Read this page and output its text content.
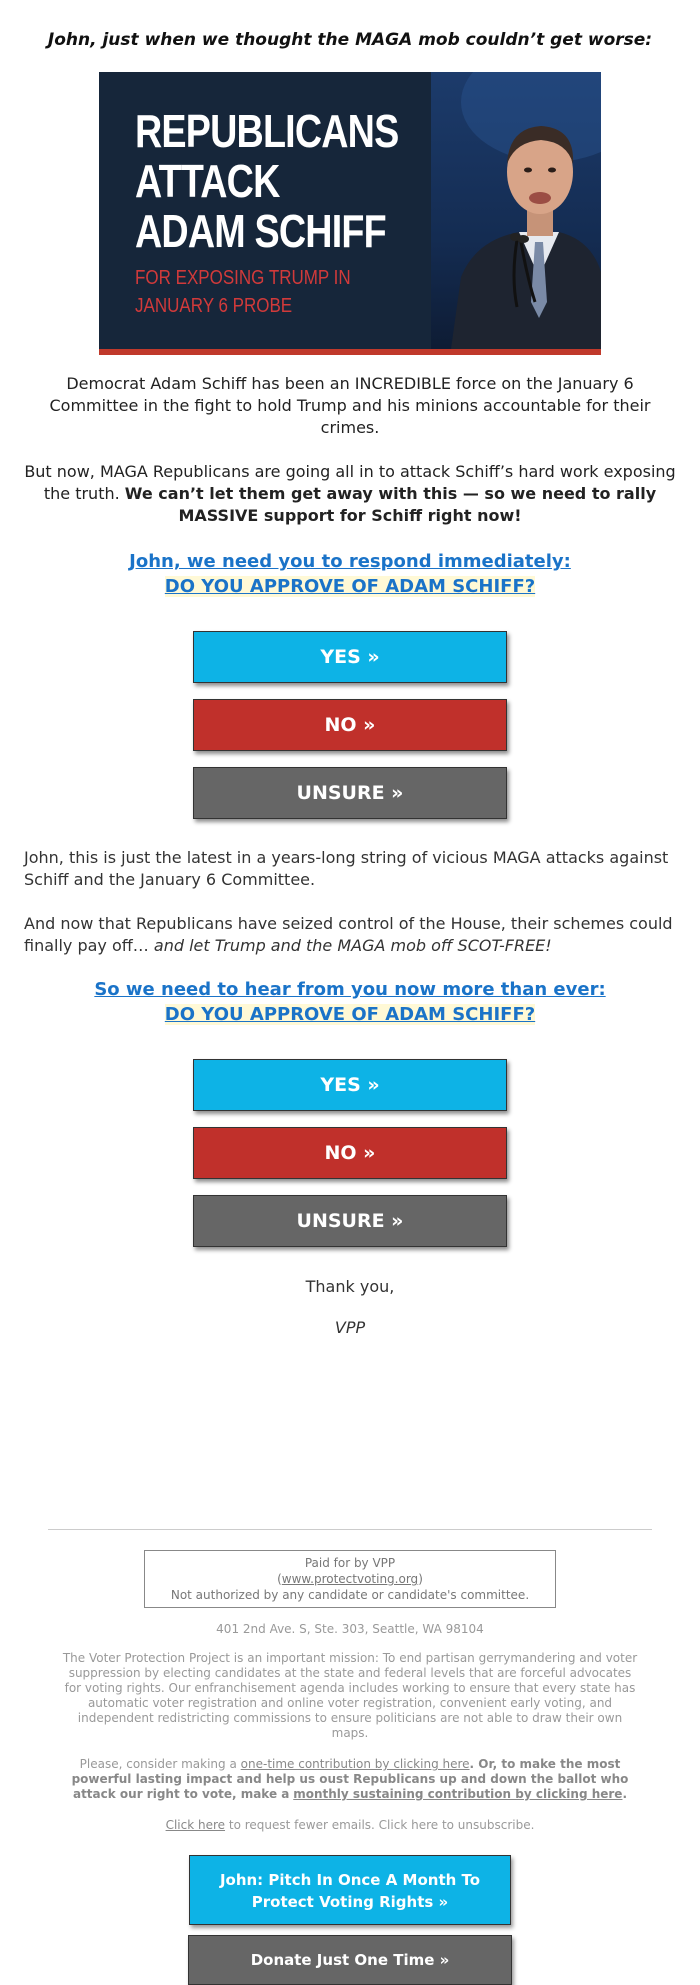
John, just when we thought the MAGA mob couldn’t get worse:
REPUBLICANS
ATTACK
ADAM SCHIFF
FOR EXPOSING TRUMP IN
JANUARY 6 PROBE
Democrat Adam Schiff has been an INCREDIBLE force on the January 6 Committee in the fight to hold Trump and his minions accountable for their crimes.
But now, MAGA Republicans are going all in to attack Schiff’s hard work exposing the truth. We can’t let them get away with this — so we need to rally MASSIVE support for Schiff right now!
John, we need you to respond immediately:
DO YOU APPROVE OF ADAM SCHIFF?
YES »
NO »
UNSURE »
John, this is just the latest in a years-long string of vicious MAGA attacks against Schiff and the January 6 Committee.
And now that Republicans have seized control of the House, their schemes could finally pay off… and let Trump and the MAGA mob off SCOT-FREE!
So we need to hear from you now more than ever:
DO YOU APPROVE OF ADAM SCHIFF?
YES »
NO »
UNSURE »
Thank you,
VPP
Paid for by VPP
(www.protectvoting.org)
Not authorized by any candidate or candidate's committee.
401 2nd Ave. S, Ste. 303, Seattle, WA 98104
The Voter Protection Project is an important mission: To end partisan gerrymandering and voter suppression by electing candidates at the state and federal levels that are forceful advocates for voting rights. Our enfranchisement agenda includes working to ensure that every state has automatic voter registration and online voter registration, convenient early voting, and independent redistricting commissions to ensure politicians are not able to draw their own maps.
Please, consider making a one-time contribution by clicking here. Or, to make the most powerful lasting impact and help us oust Republicans up and down the ballot who attack our right to vote, make a monthly sustaining contribution by clicking here.
Click here to request fewer emails. Click here to unsubscribe.
John: Pitch In Once A Month To Protect Voting Rights »
Donate Just One Time »
